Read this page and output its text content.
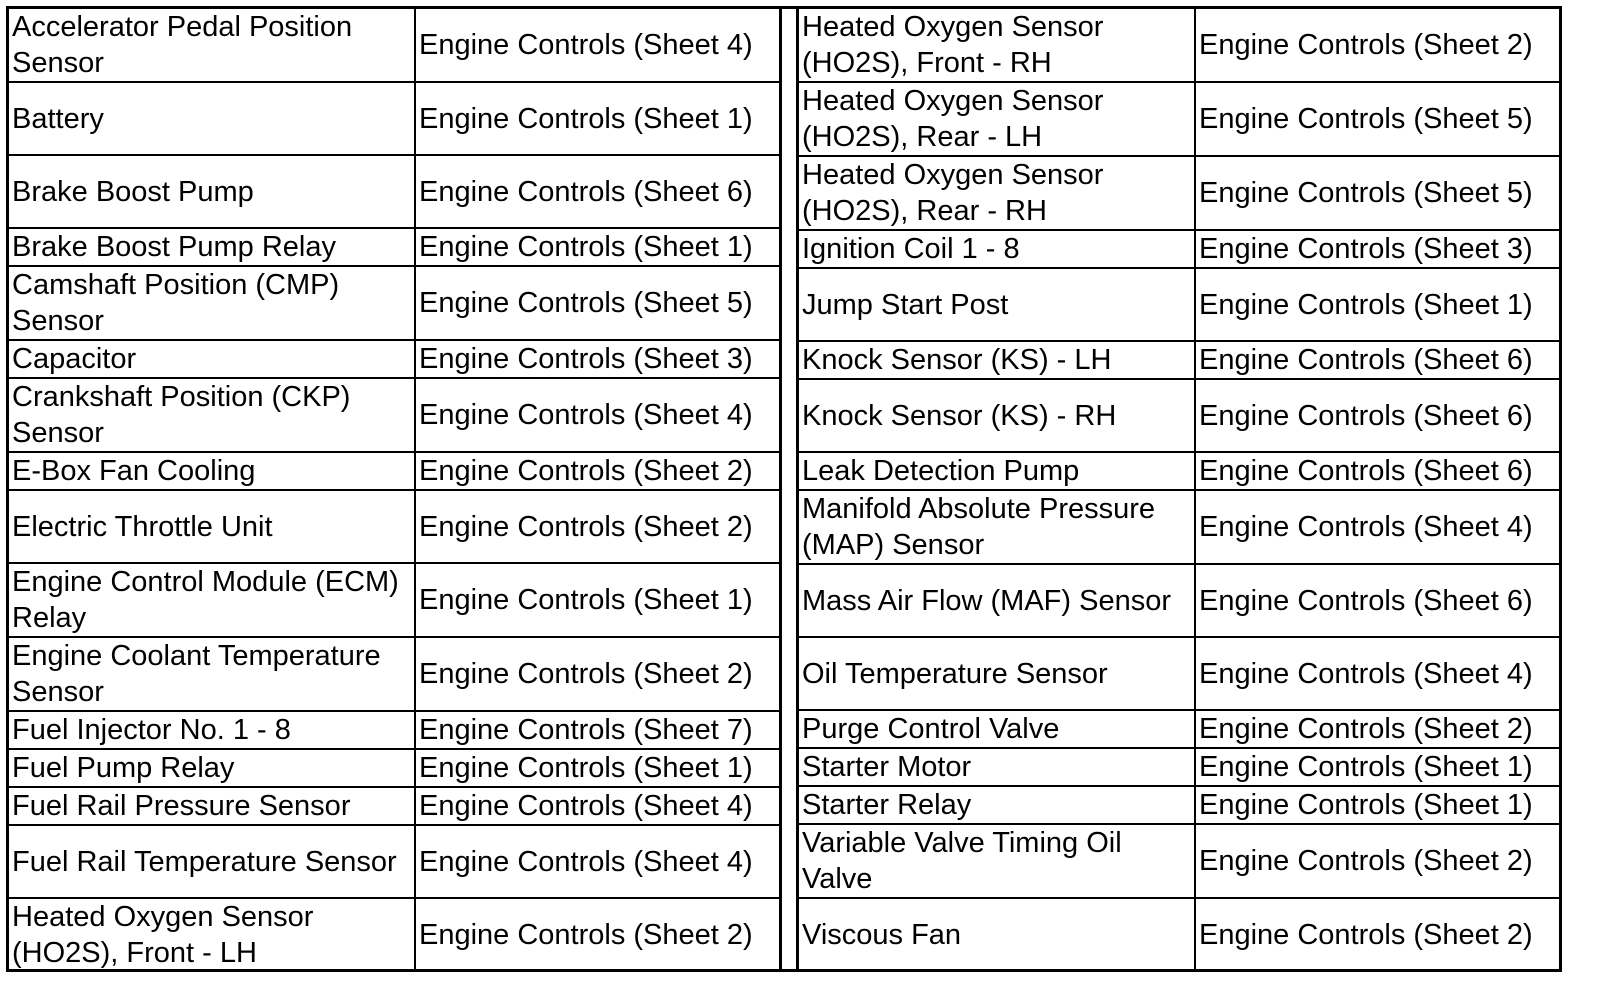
Accelerator Pedal Position Sensor	Engine Controls (Sheet 4)
Battery	Engine Controls (Sheet 1)
Brake Boost Pump	Engine Controls (Sheet 6)
Brake Boost Pump Relay	Engine Controls (Sheet 1)
Camshaft Position (CMP) Sensor	Engine Controls (Sheet 5)
Capacitor	Engine Controls (Sheet 3)
Crankshaft Position (CKP) Sensor	Engine Controls (Sheet 4)
E-Box Fan Cooling	Engine Controls (Sheet 2)
Electric Throttle Unit	Engine Controls (Sheet 2)
Engine Control Module (ECM) Relay	Engine Controls (Sheet 1)
Engine Coolant Temperature Sensor	Engine Controls (Sheet 2)
Fuel Injector No. 1 - 8	Engine Controls (Sheet 7)
Fuel Pump Relay	Engine Controls (Sheet 1)
Fuel Rail Pressure Sensor	Engine Controls (Sheet 4)
Fuel Rail Temperature Sensor	Engine Controls (Sheet 4)
Heated Oxygen Sensor (HO2S), Front - LH	Engine Controls (Sheet 2)
Heated Oxygen Sensor (HO2S), Front - RH	Engine Controls (Sheet 2)
Heated Oxygen Sensor (HO2S), Rear - LH	Engine Controls (Sheet 5)
Heated Oxygen Sensor (HO2S), Rear - RH	Engine Controls (Sheet 5)
Ignition Coil 1 - 8	Engine Controls (Sheet 3)
Jump Start Post	Engine Controls (Sheet 1)
Knock Sensor (KS) - LH	Engine Controls (Sheet 6)
Knock Sensor (KS) - RH	Engine Controls (Sheet 6)
Leak Detection Pump	Engine Controls (Sheet 6)
Manifold Absolute Pressure (MAP) Sensor	Engine Controls (Sheet 4)
Mass Air Flow (MAF) Sensor	Engine Controls (Sheet 6)
Oil Temperature Sensor	Engine Controls (Sheet 4)
Purge Control Valve	Engine Controls (Sheet 2)
Starter Motor	Engine Controls (Sheet 1)
Starter Relay	Engine Controls (Sheet 1)
Variable Valve Timing Oil Valve	Engine Controls (Sheet 2)
Viscous Fan	Engine Controls (Sheet 2)
